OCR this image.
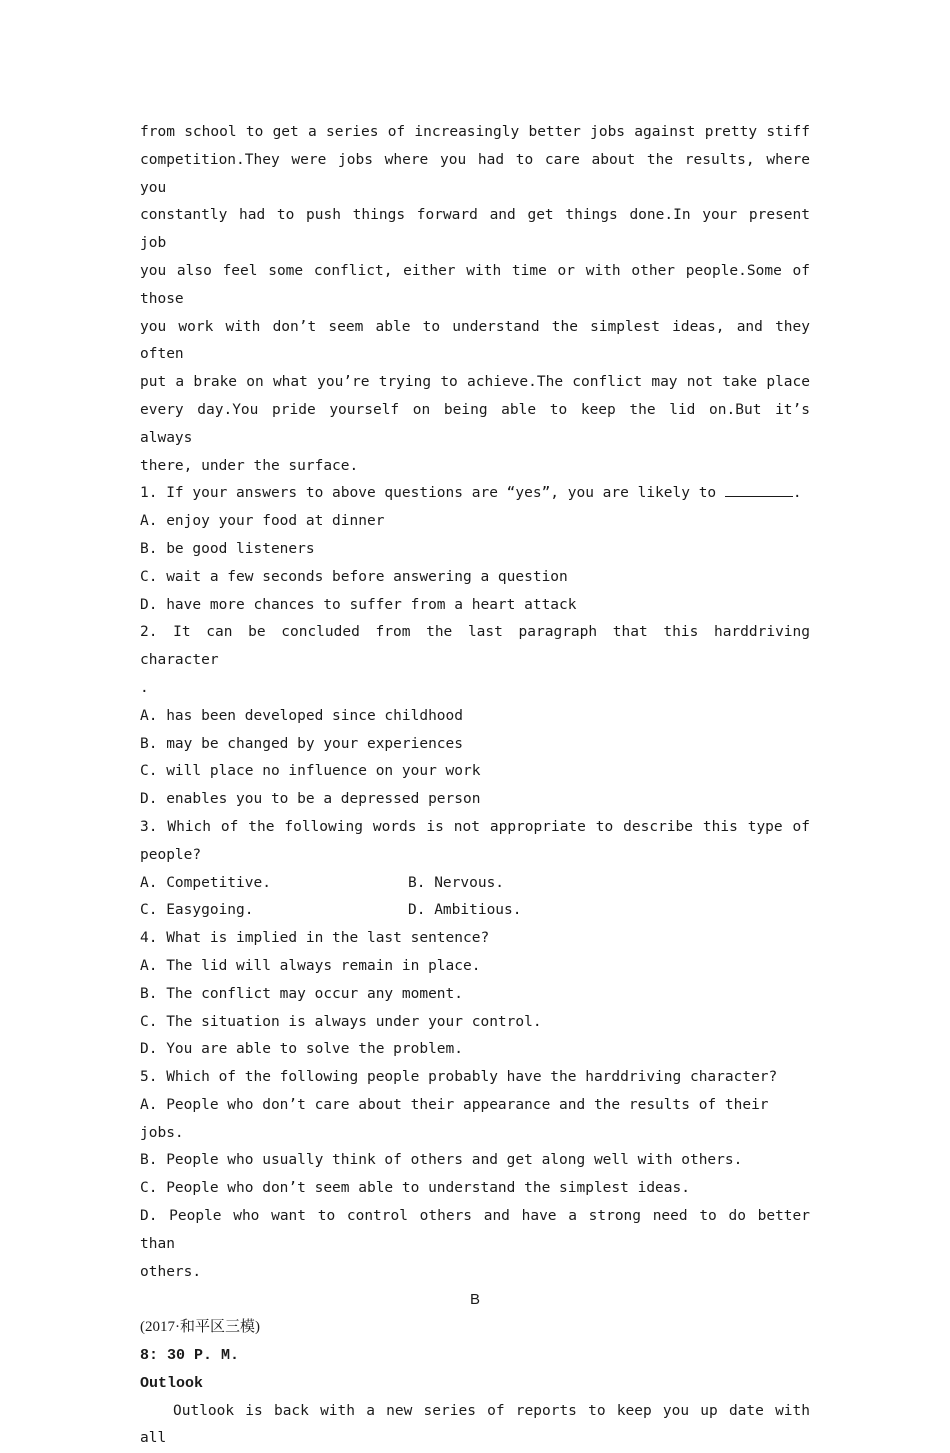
from school to get a series of increasingly better jobs against pretty stiff

competition.They were jobs where you had to care about the results, where you

constantly had to push things forward and get things done.In your present job

you also feel some conflict, either with time or with other people.Some of those

you work with don’t seem able to understand the simplest ideas, and they often

put a brake on what you’re trying to achieve.The conflict may not take place

every day.You pride yourself on being able to keep the lid on.But it’s always

there, under the surface.

1. If your answers to above questions are “yes”, you are likely to	.

A. enjoy your food at dinner

B. be good listeners

C. wait a few seconds before answering a question

D. have more chances to suffer from a heart attack

2. It can be concluded from the last paragraph that this harddriving character

.

A. has been developed since childhood

B. may be changed by your experiences

C. will place no influence on your work

D. enables you to be a depressed person

3. Which of the following words is not appropriate to describe this type of

people?

A. Competitive.	B. Nervous.
C. Easygoing.	D. Ambitious.

4. What is implied in the last sentence?

A. The lid will always remain in place.

B. The conflict may occur any moment.

C. The situation is always under your control.

D. You are able to solve the problem.

5. Which of the following people probably have the harddriving character?

A. People who don’t care about their appearance and the results of their jobs.

B. People who usually think of others and get along well with others.

C. People who don’t seem able to understand the simplest ideas.

D. People who want to control others and have a strong need to do better than

others.

B

(2017·和平区三模)

8: 30 P. M.

Outlook

Outlook is back with a new series of reports to keep you up date with all
